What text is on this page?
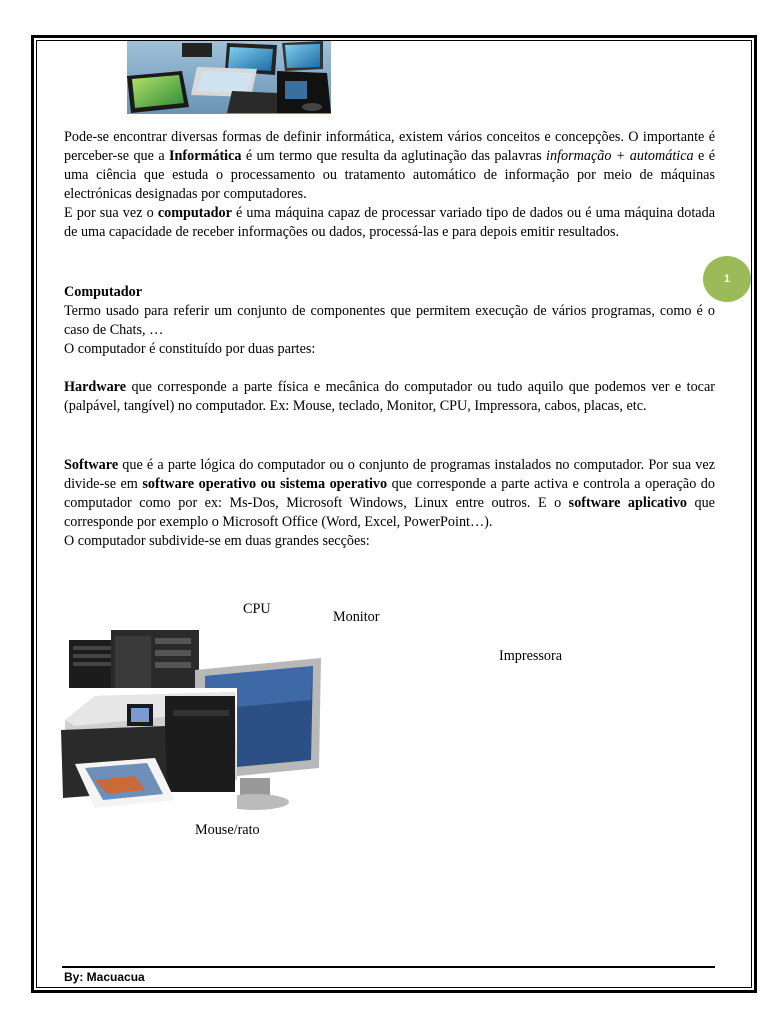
Pode-se encontrar diversas formas de definir informática, existem vários conceitos e concepções. O importante é perceber-se que a Informática é um termo que resulta da aglutinação das palavras informação + automática e é uma ciência que estuda o processamento ou tratamento automático de informação por meio de máquinas electrónicas designadas por computadores.

E por sua vez o computador é uma máquina capaz de processar variado tipo de dados ou é uma máquina dotada de uma capacidade de receber informações ou dados, processá-las e para depois emitir resultados.

1

Computador

Termo usado para referir um conjunto de componentes que permitem execução de vários programas, como é o caso de Chats, …

O computador é constituído por duas partes:

Hardware que corresponde a parte física e mecânica do computador ou tudo aquilo que podemos ver e tocar (palpável, tangível) no computador. Ex: Mouse, teclado, Monitor, CPU, Impressora, cabos, placas, etc.

Software que é a parte lógica do computador ou o conjunto de programas instalados no computador. Por sua vez divide-se em software operativo ou sistema operativo que corresponde a parte activa e controla a operação do computador como por ex: Ms-Dos, Microsoft Windows, Linux entre outros. E o software aplicativo que corresponde por exemplo o Microsoft Office (Word, Excel, PowerPoint…).

O computador subdivide-se em duas grandes secções:

CPU	Monitor
Impressora
Mouse/rato
By: Macuacua
